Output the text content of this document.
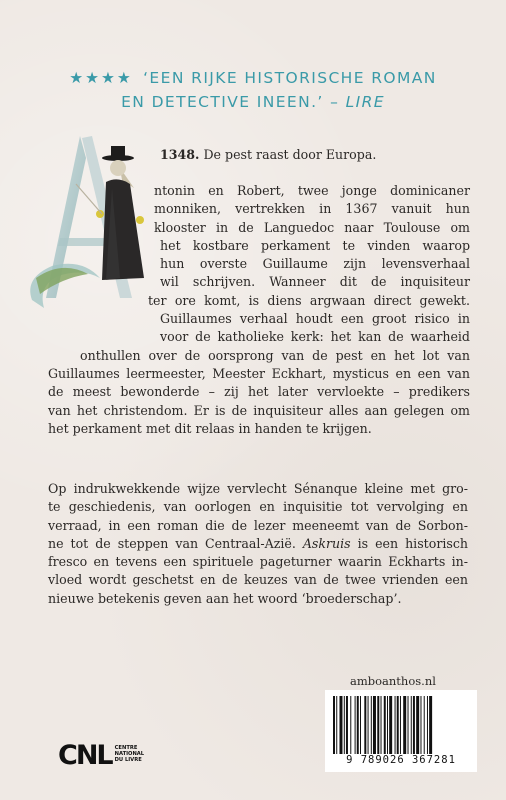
★★★★ ‘EEN RIJKE HISTORISCHE ROMAN
EN DETECTIVE INEEN.’ – LIRE
1348. De pest raast door Europa.
ntonin en Robert, twee jonge dominicaner
monniken, vertrekken in 1367 vanuit hun
klooster in de Languedoc naar Toulouse om
het kostbare perkament te vinden waarop
hun overste Guillaume zijn levensverhaal
wil schrijven. Wanneer dit de inquisiteur
ter ore komt, is diens argwaan direct gewekt.
Guillaumes verhaal houdt een groot risico in
voor de katholieke kerk: het kan de waarheid
onthullen over de oorsprong van de pest en het lot van
Guillaumes leermeester, Meester Eckhart, mysticus en een van
de meest bewonderde – zij het later vervloekte – predikers
van het christendom. Er is de inquisiteur alles aan gelegen om
het perkament met dit relaas in handen te krijgen.
Op indrukwekkende wijze vervlecht Sénanque kleine met gro-
te geschiedenis, van oorlogen en inquisitie tot vervolging en
verraad, in een roman die de lezer meeneemt van de Sorbon-
ne tot de steppen van Centraal-Azië. Askruis is een historisch
fresco en tevens een spirituele pageturner waarin Eckharts in-
vloed wordt geschetst en de keuzes van de twee vrienden een
nieuwe betekenis geven aan het woord ‘broederschap’.
amboanthos.nl
9 789026 367281
CNL CENTRE
NATIONAL
DU LIVRE
